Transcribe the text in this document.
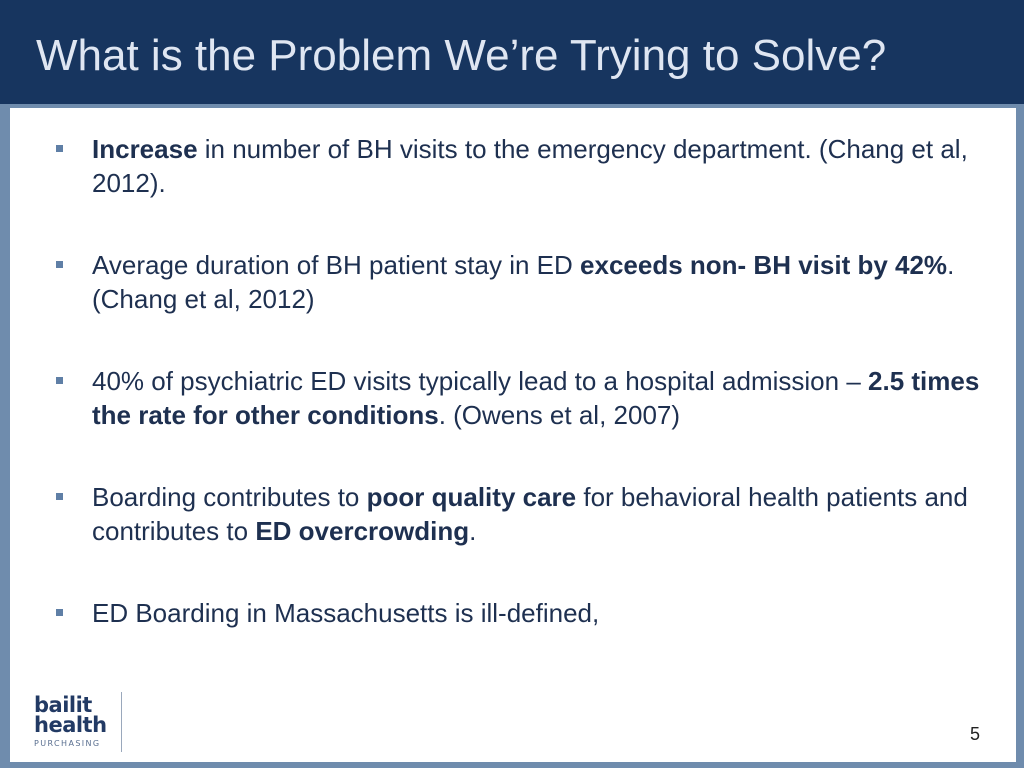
What is the Problem We’re Trying to Solve?
Increase in number of BH visits to the emergency department. (Chang et al, 2012).
Average duration of BH patient stay in ED exceeds non- BH visit by 42%. (Chang et al, 2012)
40% of psychiatric ED visits typically lead to a hospital admission – 2.5 times the rate for other conditions. (Owens et al, 2007)
Boarding contributes to poor quality care for behavioral health patients and contributes to ED overcrowding.
ED Boarding in Massachusetts is ill-defined,
bailit
health
PURCHASING	5
